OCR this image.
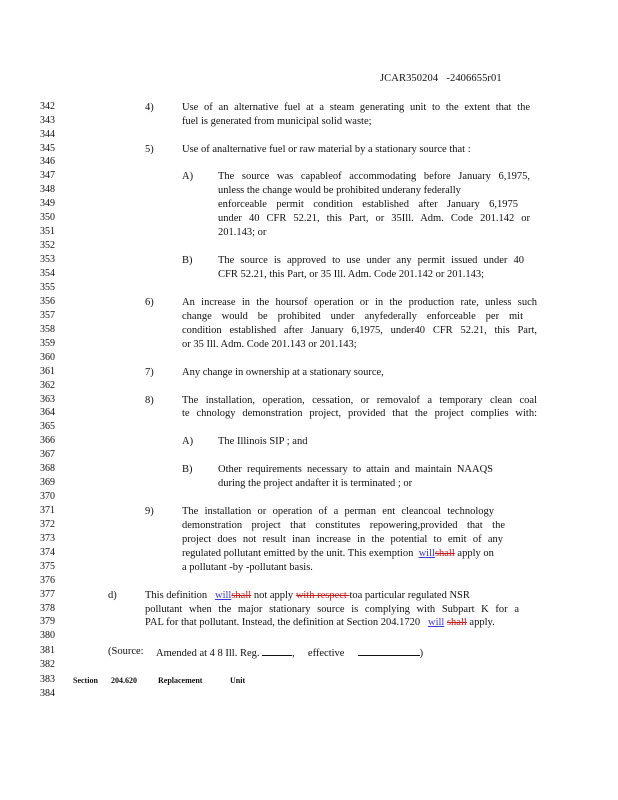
JCAR350204 -2406655r01
342
343
344
345
346
347
348
349
350
351
352
353
354
355
356
357
358
359
360
361
362
363
364
365
366
367
368
369
370
371
372
373
374
375
376
377
378
379
380
381
382
383
384
4)	Use of an alternative fuel at a steam generating unit to the extent that the
fuel is generated from municipal solid waste;
5)	Use of analternative fuel or raw material by a stationary source that :
A) The source was capableof accommodating before January 6,1975,
unless the change would be prohibited underany federally
enforceable permit condition established after January 6,1975
under 40 CFR 52.21, this Part, or 35Ill. Adm. Code 201.142 or
201.143; or
B) The source is approved to use under any permit issued under 40
CFR 52.21, this Part, or 35 Ill. Adm. Code 201.142 or 201.143;
6)	An increase in the hoursof operation or in the production rate, unless such
change would be prohibited under anyfederally enforceable per mit
condition established after January 6,1975, under40 CFR 52.21, this Part,
or 35 Ill. Adm. Code 201.143 or 201.143;
7)	Any change in ownership at a stationary source,
8)	The installation, operation, cessation, or removalof a temporary clean coal
te chnology demonstration project, provided that the project complies with:
A) The Illinois SIP ; and
B) Other requirements necessary to attain and maintain NAAQS
during the project andafter it is terminated ; or
9)	The installation or operation of a perman ent cleancoal technology
demonstration project that constitutes repowering,provided that the
project does not result inan increase in the potential to emit of any
regulated pollutant emitted by the unit. This exemption willshall apply on
a pollutant -by -pollutant basis.
d)	This definition willshall not apply with respect toa particular regulated NSR
pollutant when the major stationary source is complying with Subpart K for a
PAL for that pollutant. Instead, the definition at Section 204.1720 will shall apply.
(Source: Amended at 4 8 Ill. Reg.	, effective	)
Section 204.620	Replacement	Unit
